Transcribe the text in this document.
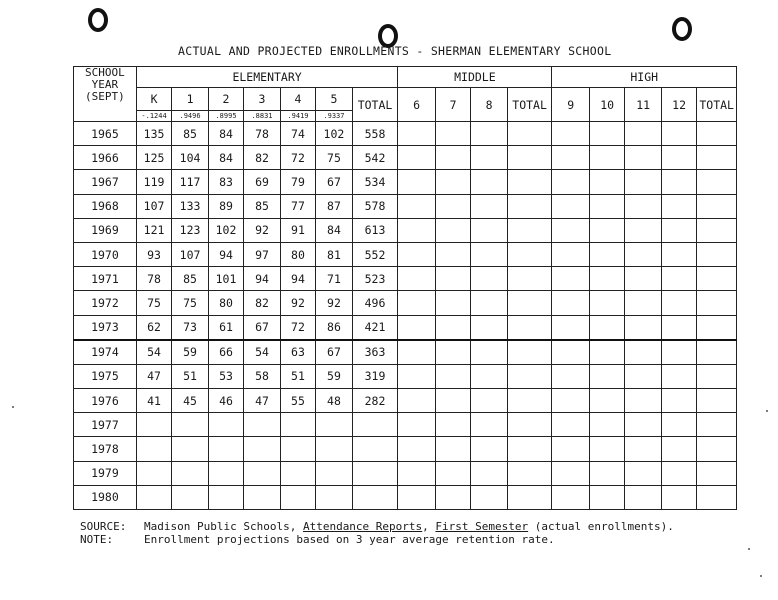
ACTUAL AND PROJECTED ENROLLMENTS - SHERMAN ELEMENTARY SCHOOL
SCHOOL
YEAR
(SEPT)	ELEMENTARY							MIDDLE				HIGH				
	K	1	2	3	4	5	TOTAL	6	7	8	TOTAL	9	10	11	12	TOTAL
	-.1244	.9496	.8995	.8831	.9419	.9337										
1965	135	85	84	78	74	102	558									
1966	125	104	84	82	72	75	542									
1967	119	117	83	69	79	67	534									
1968	107	133	89	85	77	87	578									
1969	121	123	102	92	91	84	613									
1970	93	107	94	97	80	81	552									
1971	78	85	101	94	94	71	523									
1972	75	75	80	82	92	92	496									
1973	62	73	61	67	72	86	421									
1974	54	59	66	54	63	67	363									
1975	47	51	53	58	51	59	319									
1976	41	45	46	47	55	48	282									
1977																
1978																
1979																
1980																
SOURCE: Madison Public Schools, Attendance Reports, First Semester (actual enrollments).
NOTE:	Enrollment projections based on 3 year average retention rate.
